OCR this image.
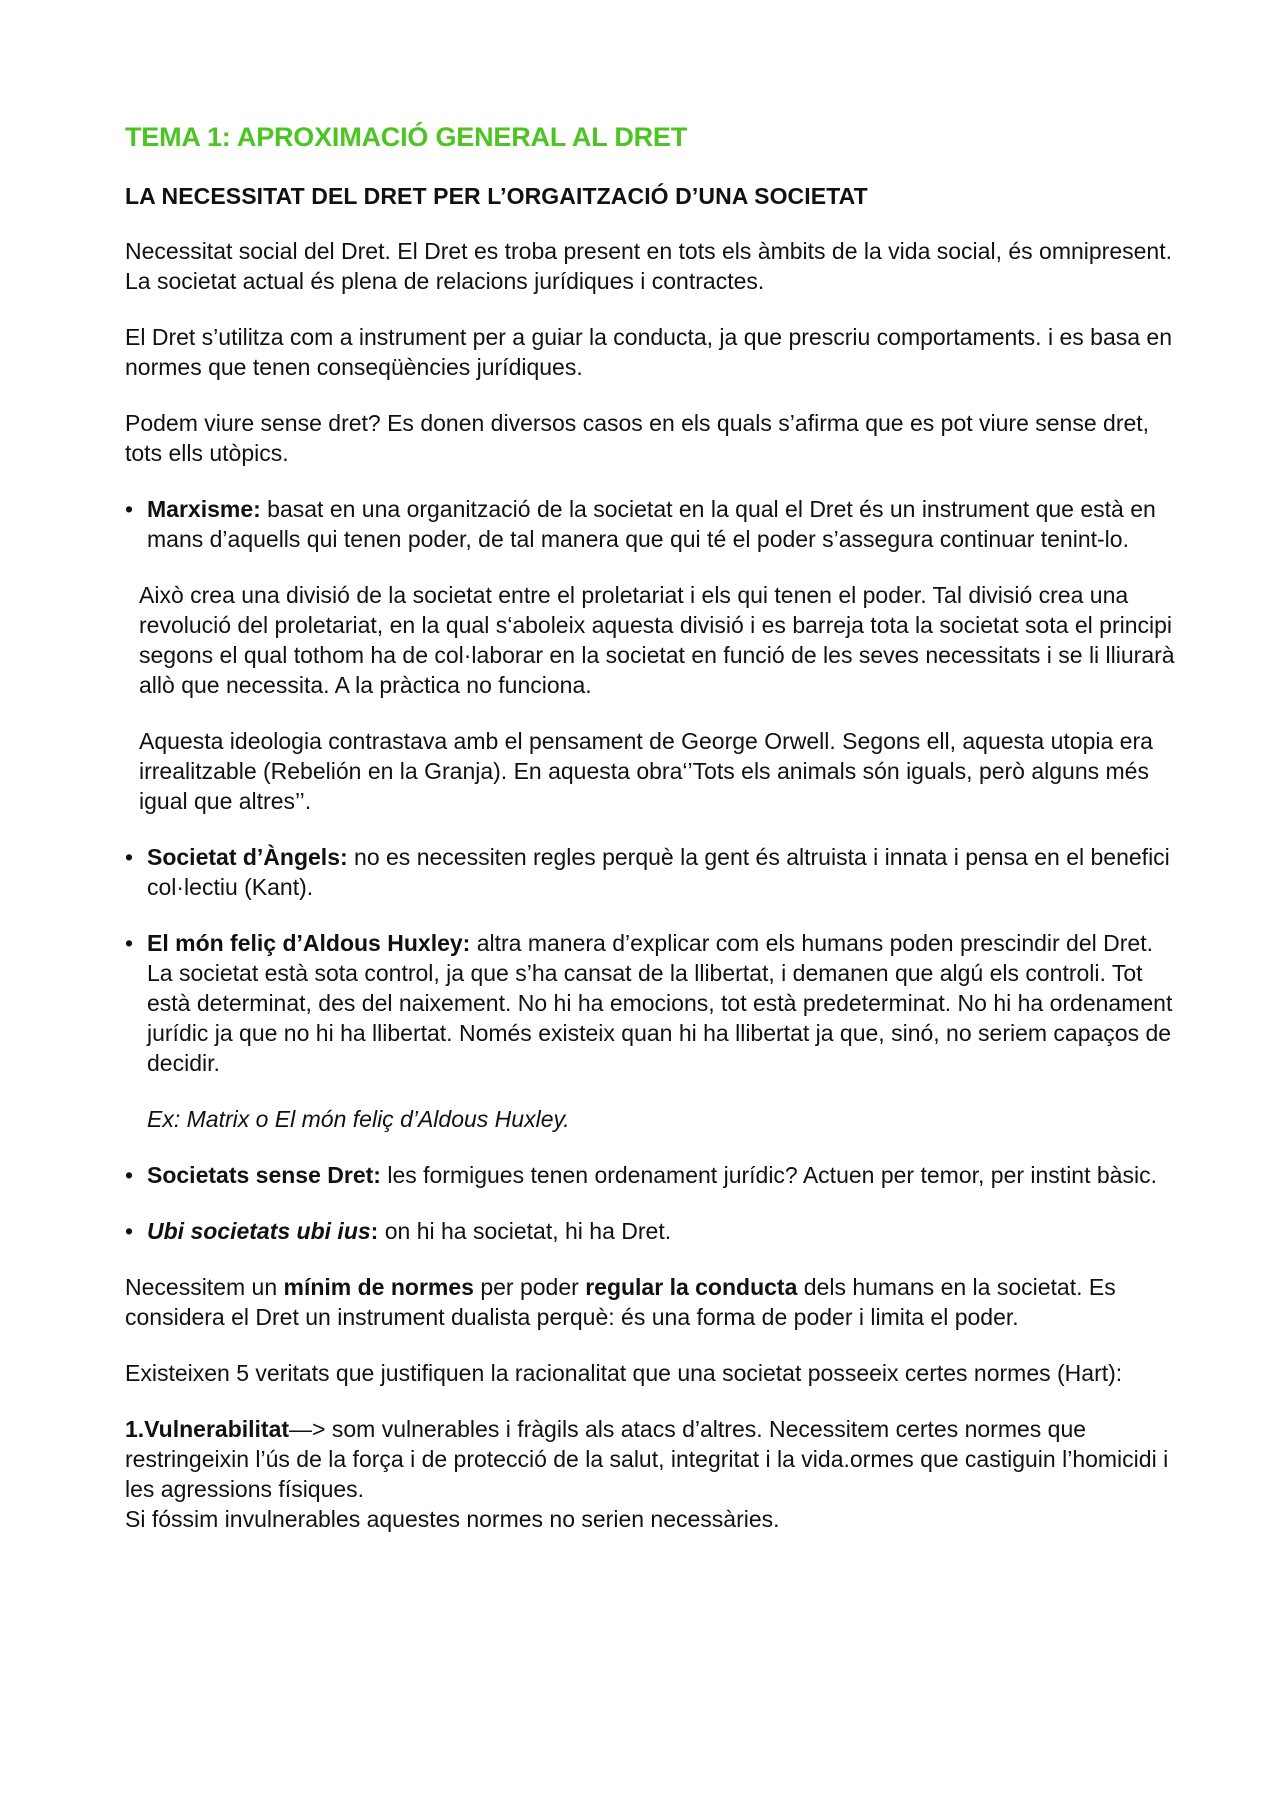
TEMA 1: APROXIMACIÓ GENERAL AL DRET
LA NECESSITAT DEL DRET PER L’ORGAITZACIÓ D’UNA SOCIETAT

Necessitat social del Dret. El Dret es troba present en tots els àmbits de la vida social, és omnipresent. La societat actual és plena de relacions jurídiques i contractes.

El Dret s’utilitza com a instrument per a guiar la conducta, ja que prescriu comportaments. i es basa en normes que tenen conseqüències jurídiques.

Podem viure sense dret? Es donen diversos casos en els quals s’afirma que es pot viure sense dret, tots ells utòpics.

• Marxisme: basat en una organització de la societat en la qual el Dret és un instrument que està en mans d’aquells qui tenen poder, de tal manera que qui té el poder s’assegura continuar tenint-lo.

Això crea una divisió de la societat entre el proletariat i els qui tenen el poder. Tal divisió crea una revolució del proletariat, en la qual s‘aboleix aquesta divisió i es barreja tota la societat sota el principi segons el qual tothom ha de col·laborar en la societat en funció de les seves necessitats i se li lliurarà allò que necessita. A la pràctica no funciona.

Aquesta ideologia contrastava amb el pensament de George Orwell. Segons ell, aquesta utopia era irrealitzable (Rebelión en la Granja). En aquesta obra‘’Tots els animals són iguals, però alguns més igual que altres’’.

• Societat d’Àngels: no es necessiten regles perquè la gent és altruista i innata i pensa en el benefici col·lectiu (Kant).

• El món feliç d’Aldous Huxley: altra manera d’explicar com els humans poden prescindir del Dret. La societat està sota control, ja que s’ha cansat de la llibertat, i demanen que algú els controli. Tot està determinat, des del naixement. No hi ha emocions, tot està predeterminat. No hi ha ordenament jurídic ja que no hi ha llibertat. Només existeix quan hi ha llibertat ja que, sinó, no seriem capaços de decidir.

Ex: Matrix o El món feliç d’Aldous Huxley.

• Societats sense Dret: les formigues tenen ordenament jurídic? Actuen per temor, per instint bàsic.

• Ubi societats ubi ius: on hi ha societat, hi ha Dret.

Necessitem un mínim de normes per poder regular la conducta dels humans en la societat. Es considera el Dret un instrument dualista perquè: és una forma de poder i limita el poder.

Existeixen 5 veritats que justifiquen la racionalitat que una societat posseeix certes normes (Hart):

1.Vulnerabilitat—> som vulnerables i fràgils als atacs d’altres. Necessitem certes normes que restringeixin l’ús de la força i de protecció de la salut, integritat i la vida.ormes que castiguin l’homicidi i les agressions físiques.

Si fóssim invulnerables aquestes normes no serien necessàries.
